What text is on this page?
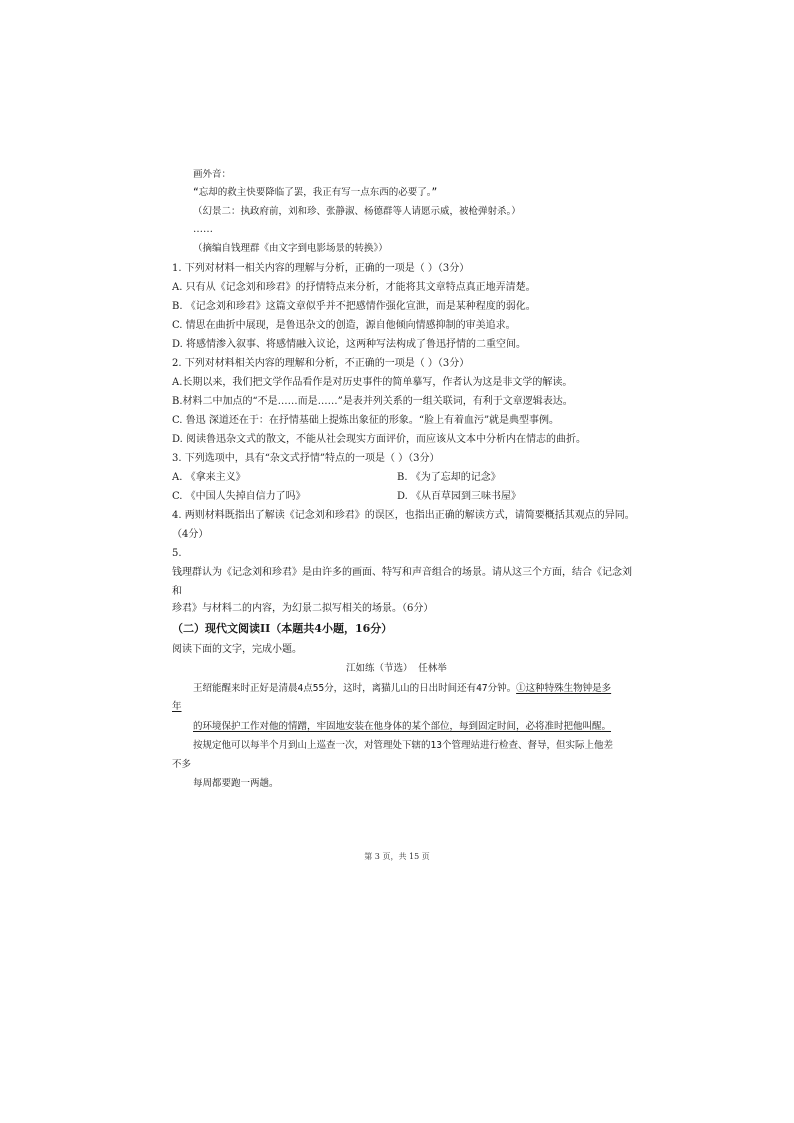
画外音：
“忘却的救主快要降临了罢，我正有写一点东西的必要了。”
（幻景二：执政府前，刘和珍、张静淑、杨德群等人请愿示威，被枪弹射杀。）
……
（摘编自钱理群《由文字到电影场景的转换》）
1. 下列对材料一相关内容的理解与分析，正确的一项是（ ）（3分）
A. 只有从《记念刘和珍君》的抒情特点来分析，才能将其文章特点真正地弄清楚。
B. 《记念刘和珍君》这篇文章似乎并不把感情作强化宣泄，而是某种程度的弱化。
C. 情思在曲折中展现，是鲁迅杂文的创造，源自他倾向情感抑制的审美追求。
D. 将感情渗入叙事、将感情融入议论，这两种写法构成了鲁迅抒情的二重空间。
2. 下列对材料相关内容的理解和分析，不正确的一项是（ ）（3分）
A.长期以来，我们把文学作品看作是对历史事件的简单摹写，作者认为这是非文学的解读。
B.材料二中加点的“不是……而是……”是表并列关系的一组关联词，有利于文章逻辑表达。
C. 鲁迅 深道还在于：在抒情基础上提炼出象征的形象。“脸上有着血污”就是典型事例。
D. 阅读鲁迅杂文式的散文，不能从社会现实方面评价，而应该从文本中分析内在情志的曲折。
3. 下列选项中，具有“杂文式抒情”特点的一项是（ ）（3分）
A. 《拿来主义》	B. 《为了忘却的记念》
C. 《中国人失掉自信力了吗》	D. 《从百草园到三味书屋》
4. 两则材料既指出了解读《记念刘和珍君》的误区，也指出正确的解读方式，请简要概括其观点的异同。
（4分）
5.
钱理群认为《记念刘和珍君》是由许多的画面、特写和声音组合的场景。请从这三个方面，结合《记念刘
和
珍君》与材料二的内容，为幻景二拟写相关的场景。（6分）
（二）现代文阅读II（本题共4小题，16分）
阅读下面的文字，完成小题。
江如练（节选） 任林举
王绍能醒来时正好是清晨4点55分，这时，离猫儿山的日出时间还有47分钟。①这种特殊生物钟是多
年
的环境保护工作对他的情蹭，牢固地安装在他身体的某个部位，每到固定时间，必将准时把他叫醒。
按规定他可以每半个月到山上巡查一次，对管理处下辖的13个管理站进行检查、督导，但实际上他差
不多
每周都要跑一两趟。
第 3 页，共 15 页
